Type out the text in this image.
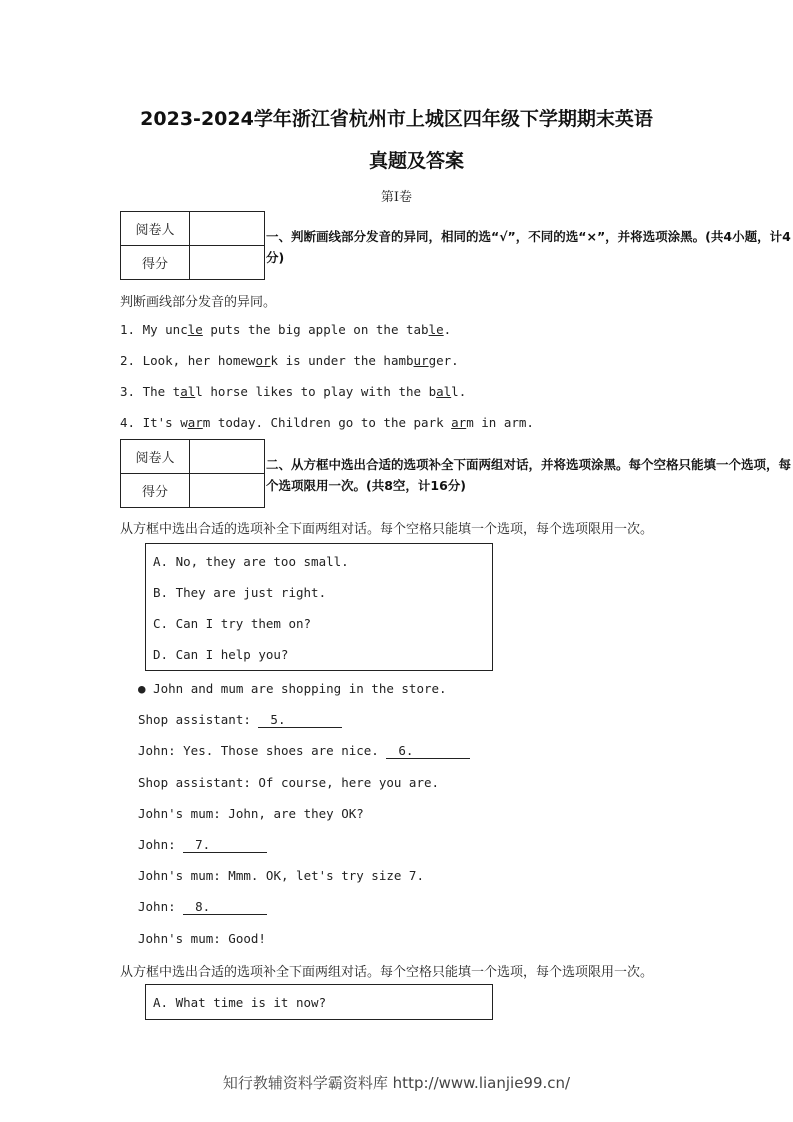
2023-2024学年浙江省杭州市上城区四年级下学期期末英语
真题及答案
第Ⅰ卷
阅卷人	
得分	
一、判断画线部分发音的异同，相同的选“√”，不同的选“×”，并将选项涂黑。(共4小题，计4分)
判断画线部分发音的异同。
1. My uncle puts the big apple on the table.
2. Look, her homework is under the hamburger.
3. The tall horse likes to play with the ball.
4. It's warm today. Children go to the park arm in arm.
阅卷人	
得分	
二、从方框中选出合适的选项补全下面两组对话，并将选项涂黑。每个空格只能填一个选项，每个选项限用一次。(共8空，计16分)
从方框中选出合适的选项补全下面两组对话。每个空格只能填一个选项，每个选项限用一次。
A. No, they are too small.
B. They are just right.
C. Can I try them on?
D. Can I help you?
● John and mum are shopping in the store.
Shop assistant: 5.
John: Yes. Those shoes are nice. 6.
Shop assistant: Of course, here you are.
John's mum: John, are they OK?
John: 7.
John's mum: Mmm. OK, let's try size 7.
John: 8.
John's mum: Good!
从方框中选出合适的选项补全下面两组对话。每个空格只能填一个选项，每个选项限用一次。
A. What time is it now?
知行教辅资料学霸资料库 http://www.lianjie99.cn/
